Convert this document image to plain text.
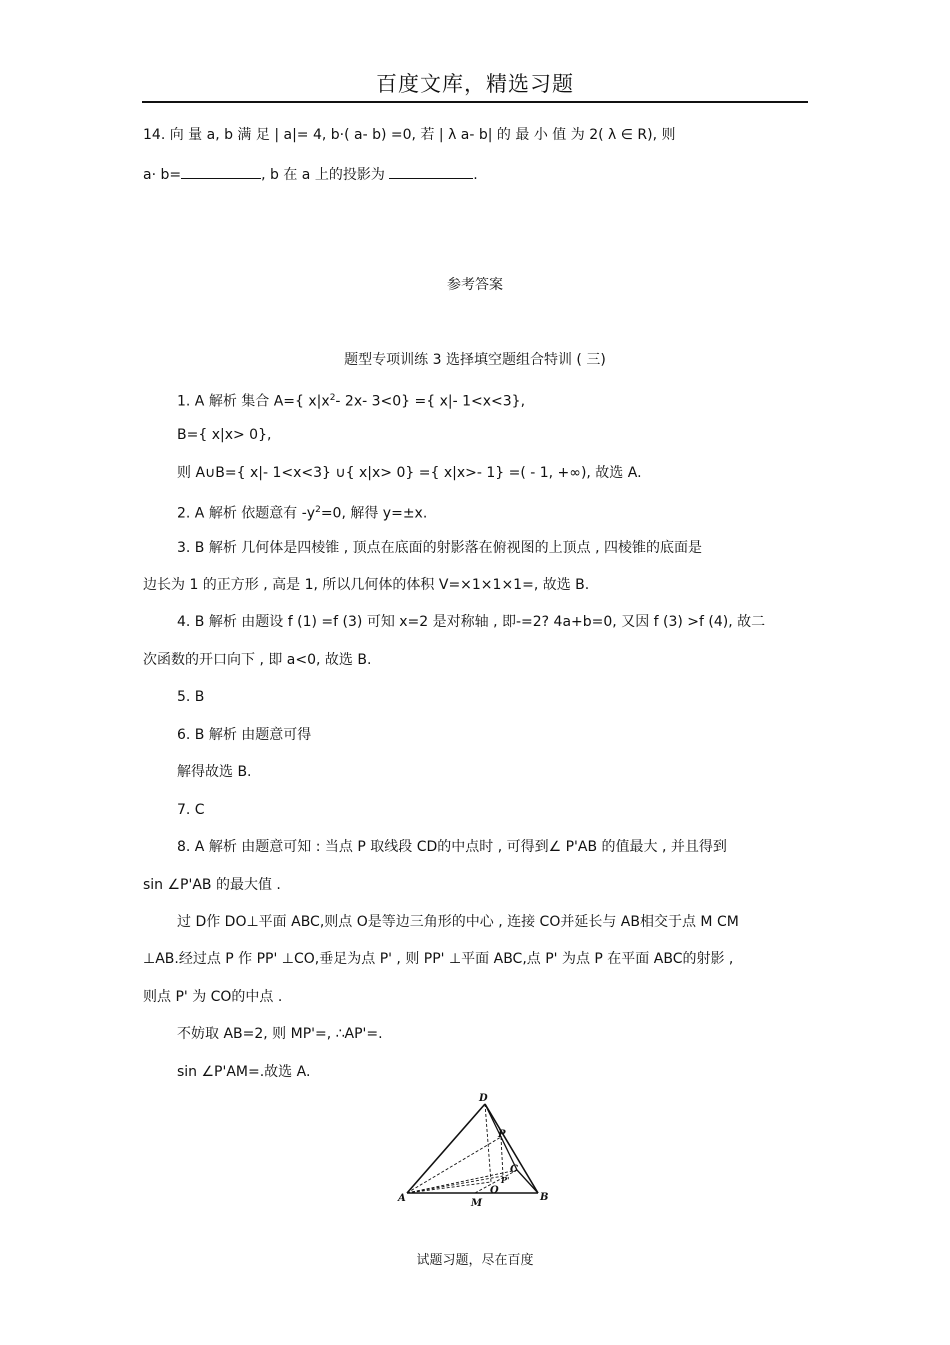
百度文库，精选习题
14. 向 量 a, b 满 足 | a|= 4, b·( a- b) =0, 若 | λ a- b| 的 最 小 值 为 2( λ ∈ R), 则
a· b=	, b 在 a 上的投影为	.
参考答案
题型专项训练 3 选择填空题组合特训 ( 三)
1. A 解析 集合 A={ $x|x^2-$ 2x- 3<0} ={ x|- 1<x<3},
B={ x|x> 0},
则 A∪B={ x|- 1<x<3} ∪{ x|x> 0} ={ x|x>- 1} =( - 1, +∞), 故选 A.
2. A 解析 依题意有 $-y^2=0$, 解得 y=±x.
3. B 解析 几何体是四棱锥 , 顶点在底面的射影落在俯视图的上顶点 , 四棱锥的底面是
边长为 1 的正方形 , 高是 1, 所以几何体的体积 V=×1×1×1=, 故选 B.
4. B 解析 由题设 f (1) =f (3) 可知 x=2 是对称轴 , 即-=2? 4a+b=0, 又因 f (3) >f (4), 故二
次函数的开口向下 , 即 a<0, 故选 B.
5. B
6. B 解析 由题意可得
解得故选 B.
7. C
8. A 解析 由题意可知 : 当点 P 取线段 CD的中点时 , 可得到∠ P'AB 的值最大 , 并且得到
sin ∠P'AB 的最大值 .
过 D作 DO⊥平面 ABC,则点 O是等边三角形的中心 , 连接 CO并延长与 AB相交于点 M CM
⊥AB.经过点 P 作 PP' ⊥CO,垂足为点 P' , 则 PP' ⊥平面 ABC,点 P' 为点 P 在平面 ABC的射影 ,
则点 P' 为 CO的中点 .
不妨取 AB=2, 则 MP'=, ∴AP'=.
sin ∠P'AM=.故选 A.
D
P
C
O
P'
A	M
B
试题习题，尽在百度
